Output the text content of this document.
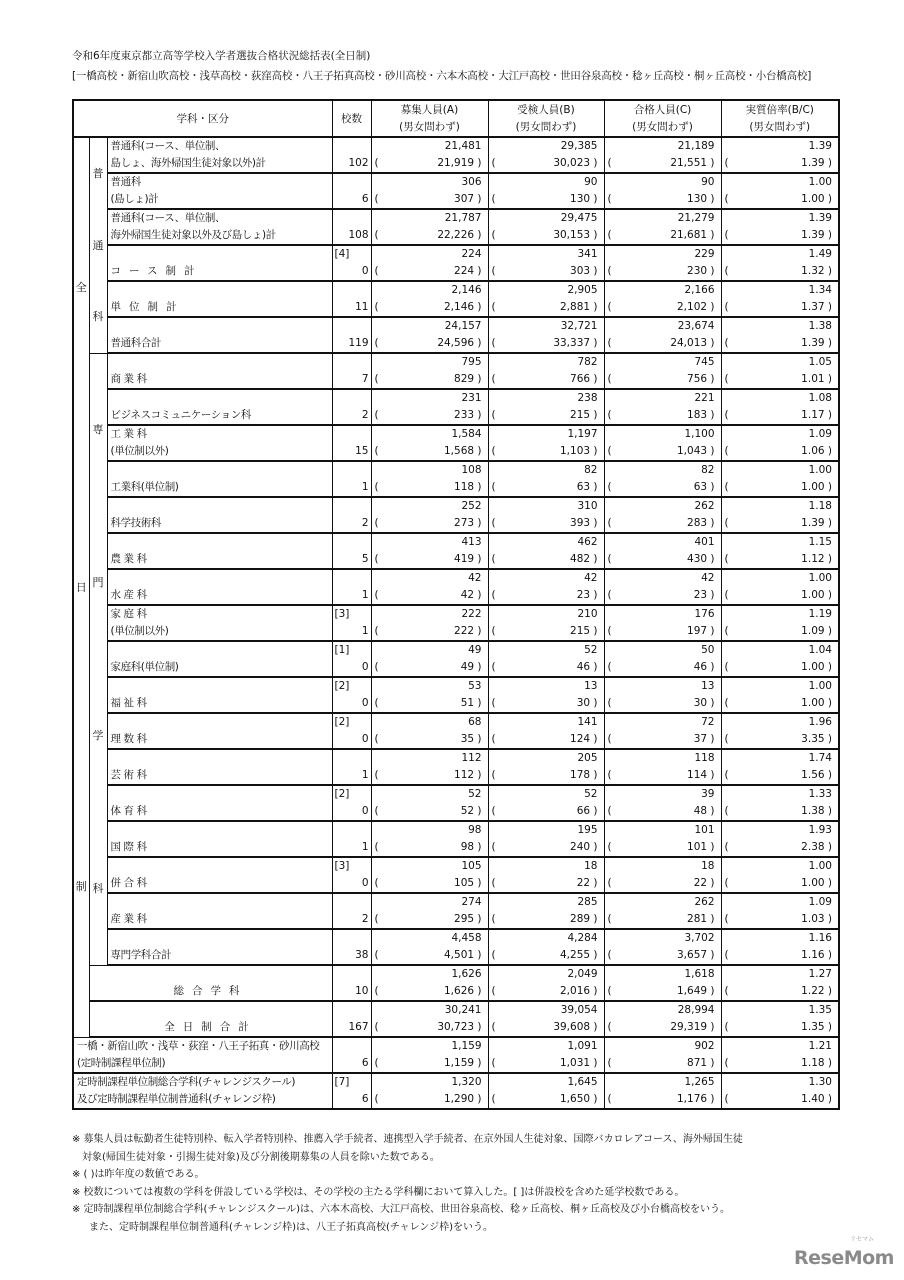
令和6年度東京都立高等学校入学者選抜合格状況総括表(全日制)
[一橋高校・新宿山吹高校・浅草高校・荻窪高校・八王子拓真高校・砂川高校・六本木高校・大江戸高校・世田谷泉高校・稔ヶ丘高校・桐ヶ丘高校・小台橋高校]
学科・区分			校数	募集人員(A)	受検人員(B)	合格人員(C)	実質倍率(B/C)
				(男女問わず)	(男女問わず)	(男女問わず)	(男女問わず)

全
日
制	普
通
科	普通科(コース、単位制、		21,481	29,385	21,189	1.39
		島しょ、海外帰国生徒対象以外)計	102	( 21,919 )	( 30,023 )	( 21,551 )	( 1.39 )

		普通科		306	90	90	1.00
		(島しょ)計	6	( 307 )	( 130 )	( 130 )	( 1.00 )

		普通科(コース、単位制、		21,787	29,475	21,279	1.39
		海外帰国生徒対象以外及び島しょ)計	108	( 22,226 )	( 30,153 )	( 21,681 )	( 1.39 )

			[4]	224	341	229	1.49
		コース制計	0	( 224 )	( 303 )	( 230 )	( 1.32 )

				2,146	2,905	2,166	1.34
		単位制計	11	( 2,146 )	( 2,881 )	( 2,102 )	( 1.37 )

				24,157	32,721	23,674	1.38
		普通科合計	119	( 24,596 )	( 33,337 )	( 24,013 )	( 1.39 )

	専
門
学
科			795	782	745	1.05
		商 業 科	7	( 829 )	( 766 )	( 756 )	( 1.01 )

				231	238	221	1.08
		ビジネスコミュニケーション科	2	( 233 )	( 215 )	( 183 )	( 1.17 )

		工 業 科		1,584	1,197	1,100	1.09
		(単位制以外)	15	( 1,568 )	( 1,103 )	( 1,043 )	( 1.06 )

				108	82	82	1.00
		工業科(単位制)	1	( 118 )	( 63 )	( 63 )	( 1.00 )

				252	310	262	1.18
		科学技術科	2	( 273 )	( 393 )	( 283 )	( 1.39 )

				413	462	401	1.15
		農 業 科	5	( 419 )	( 482 )	( 430 )	( 1.12 )

				42	42	42	1.00
		水 産 科	1	( 42 )	( 23 )	( 23 )	( 1.00 )

		家 庭 科	[3]	222	210	176	1.19
		(単位制以外)	1	( 222 )	( 215 )	( 197 )	( 1.09 )

			[1]	49	52	50	1.04
		家庭科(単位制)	0	( 49 )	( 46 )	( 46 )	( 1.00 )

			[2]	53	13	13	1.00
		福 祉 科	0	( 51 )	( 30 )	( 30 )	( 1.00 )

			[2]	68	141	72	1.96
		理 数 科	0	( 35 )	( 124 )	( 37 )	( 3.35 )

				112	205	118	1.74
		芸 術 科	1	( 112 )	( 178 )	( 114 )	( 1.56 )

			[2]	52	52	39	1.33
		体 育 科	0	( 52 )	( 66 )	( 48 )	( 1.38 )

				98	195	101	1.93
		国 際 科	1	( 98 )	( 240 )	( 101 )	( 2.38 )

			[3]	105	18	18	1.00
		併 合 科	0	( 105 )	( 22 )	( 22 )	( 1.00 )

				274	285	262	1.09
		産 業 科	2	( 295 )	( 289 )	( 281 )	( 1.03 )

				4,458	4,284	3,702	1.16
		専門学科合計	38	( 4,501 )	( 4,255 )	( 3,657 )	( 1.16 )

				1,626	2,049	1,618	1.27
	総合学科		10	( 1,626 )	( 2,016 )	( 1,649 )	( 1.22 )

				30,241	39,054	28,994	1.35
	全日制合計		167	( 30,723 )	( 39,608 )	( 29,319 )	( 1.35 )

一橋・新宿山吹・浅草・荻窪・八王子拓真・砂川高校				1,159	1,091	902	1.21
(定時制課程単位制)			6	( 1,159 )	( 1,031 )	( 871 )	( 1.18 )

定時制課程単位制総合学科(チャレンジスクール)			[7]	1,320	1,645	1,265	1.30
及び定時制課程単位制普通科(チャレンジ枠)			6	( 1,290 )	( 1,650 )	( 1,176 )	( 1.40 )
※ 募集人員は転勤者生徒特別枠、転入学者特別枠、推薦入学手続者、連携型入学手続者、在京外国人生徒対象、国際バカロレアコース、海外帰国生徒
対象(帰国生徒対象・引揚生徒対象)及び分割後期募集の人員を除いた数である。
※ ( )は昨年度の数値である。
※ 校数については複数の学科を併設している学校は、その学校の主たる学科欄において算入した。[ ]は併設校を含めた延学校数である。
※ 定時制課程単位制総合学科(チャレンジスクール)は、六本木高校、大江戸高校、世田谷泉高校、稔ヶ丘高校、桐ヶ丘高校及び小台橋高校をいう。
また、定時制課程単位制普通科(チャレンジ枠)は、八王子拓真高校(チャレンジ枠)をいう。
リセマム
ReseMom
